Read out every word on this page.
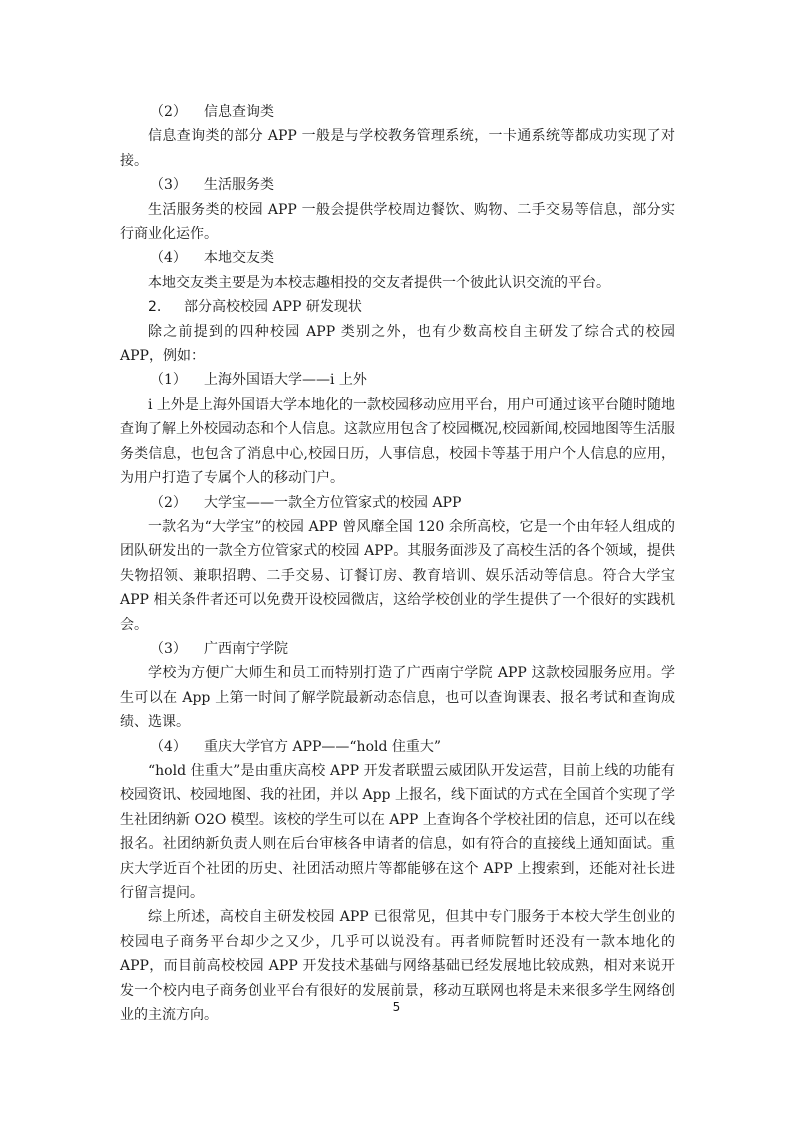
（2） 信息查询类

信息查询类的部分 APP 一般是与学校教务管理系统，一卡通系统等都成功实现了对接。

（3） 生活服务类

生活服务类的校园 APP 一般会提供学校周边餐饮、购物、二手交易等信息，部分实行商业化运作。

（4） 本地交友类

本地交友类主要是为本校志趣相投的交友者提供一个彼此认识交流的平台。

2. 部分高校校园 APP 研发现状

除之前提到的四种校园 APP 类别之外，也有少数高校自主研发了综合式的校园 APP，例如：

（1） 上海外国语大学——i 上外

i 上外是上海外国语大学本地化的一款校园移动应用平台，用户可通过该平台随时随地查询了解上外校园动态和个人信息。这款应用包含了校园概况,校园新闻,校园地图等生活服务类信息，也包含了消息中心,校园日历，人事信息，校园卡等基于用户个人信息的应用，为用户打造了专属个人的移动门户。

（2） 大学宝——一款全方位管家式的校园 APP

一款名为“大学宝”的校园 APP 曾风靡全国 120 余所高校，它是一个由年轻人组成的团队研发出的一款全方位管家式的校园 APP。其服务面涉及了高校生活的各个领域，提供失物招领、兼职招聘、二手交易、订餐订房、教育培训、娱乐活动等信息。符合大学宝 APP 相关条件者还可以免费开设校园微店，这给学校创业的学生提供了一个很好的实践机会。

（3） 广西南宁学院

学校为方便广大师生和员工而特别打造了广西南宁学院 APP 这款校园服务应用。学生可以在 App 上第一时间了解学院最新动态信息，也可以查询课表、报名考试和查询成绩、选课。

（4） 重庆大学官方 APP——“hold 住重大”

“hold 住重大”是由重庆高校 APP 开发者联盟云威团队开发运营，目前上线的功能有校园资讯、校园地图、我的社团，并以 App 上报名，线下面试的方式在全国首个实现了学生社团纳新 O2O 模型。该校的学生可以在 APP 上查询各个学校社团的信息，还可以在线报名。社团纳新负责人则在后台审核各申请者的信息，如有符合的直接线上通知面试。重庆大学近百个社团的历史、社团活动照片等都能够在这个 APP 上搜索到，还能对社长进行留言提问。

综上所述，高校自主研发校园 APP 已很常见，但其中专门服务于本校大学生创业的校园电子商务平台却少之又少，几乎可以说没有。再者师院暂时还没有一款本地化的 APP，而目前高校校园 APP 开发技术基础与网络基础已经发展地比较成熟，相对来说开发一个校内电子商务创业平台有很好的发展前景，移动互联网也将是未来很多学生网络创业的主流方向。

5
